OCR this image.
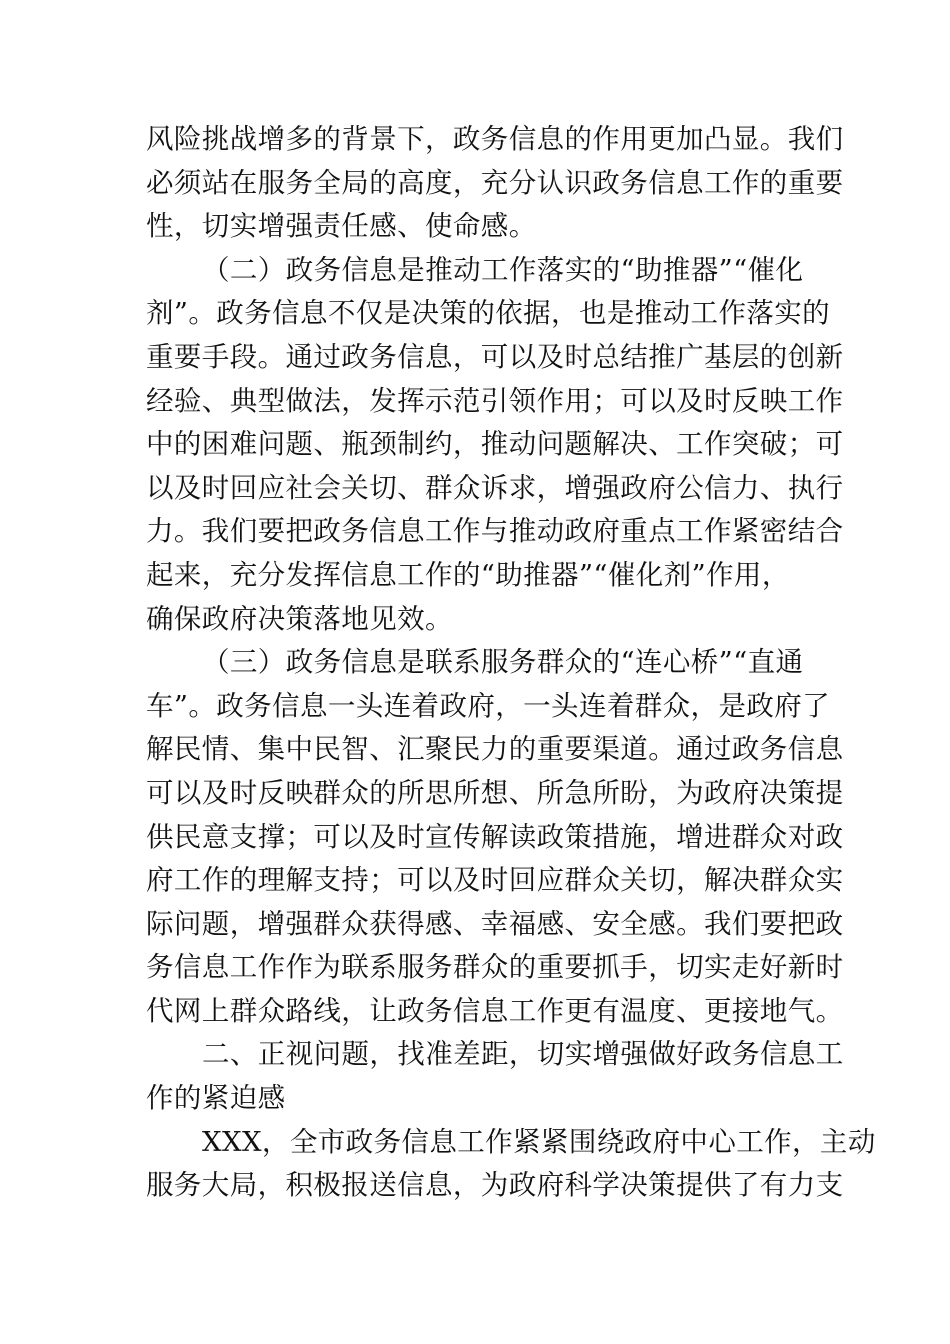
风险挑战增多的背景下，政务信息的作用更加凸显。我们
必须站在服务全局的高度，充分认识政务信息工作的重要
性，切实增强责任感、使命感。
（二）政务信息是推动工作落实的“助推器”“催化
剂”。政务信息不仅是决策的依据，也是推动工作落实的
重要手段。通过政务信息，可以及时总结推广基层的创新
经验、典型做法，发挥示范引领作用；可以及时反映工作
中的困难问题、瓶颈制约，推动问题解决、工作突破；可
以及时回应社会关切、群众诉求，增强政府公信力、执行
力。我们要把政务信息工作与推动政府重点工作紧密结合
起来，充分发挥信息工作的“助推器”“催化剂”作用，
确保政府决策落地见效。
（三）政务信息是联系服务群众的“连心桥”“直通
车”。政务信息一头连着政府，一头连着群众，是政府了
解民情、集中民智、汇聚民力的重要渠道。通过政务信息
可以及时反映群众的所思所想、所急所盼，为政府决策提
供民意支撑；可以及时宣传解读政策措施，增进群众对政
府工作的理解支持；可以及时回应群众关切，解决群众实
际问题，增强群众获得感、幸福感、安全感。我们要把政
务信息工作作为联系服务群众的重要抓手，切实走好新时
代网上群众路线，让政务信息工作更有温度、更接地气。
二、正视问题，找准差距，切实增强做好政务信息工
作的紧迫感
XXX，全市政务信息工作紧紧围绕政府中心工作，主动
服务大局，积极报送信息，为政府科学决策提供了有力支
